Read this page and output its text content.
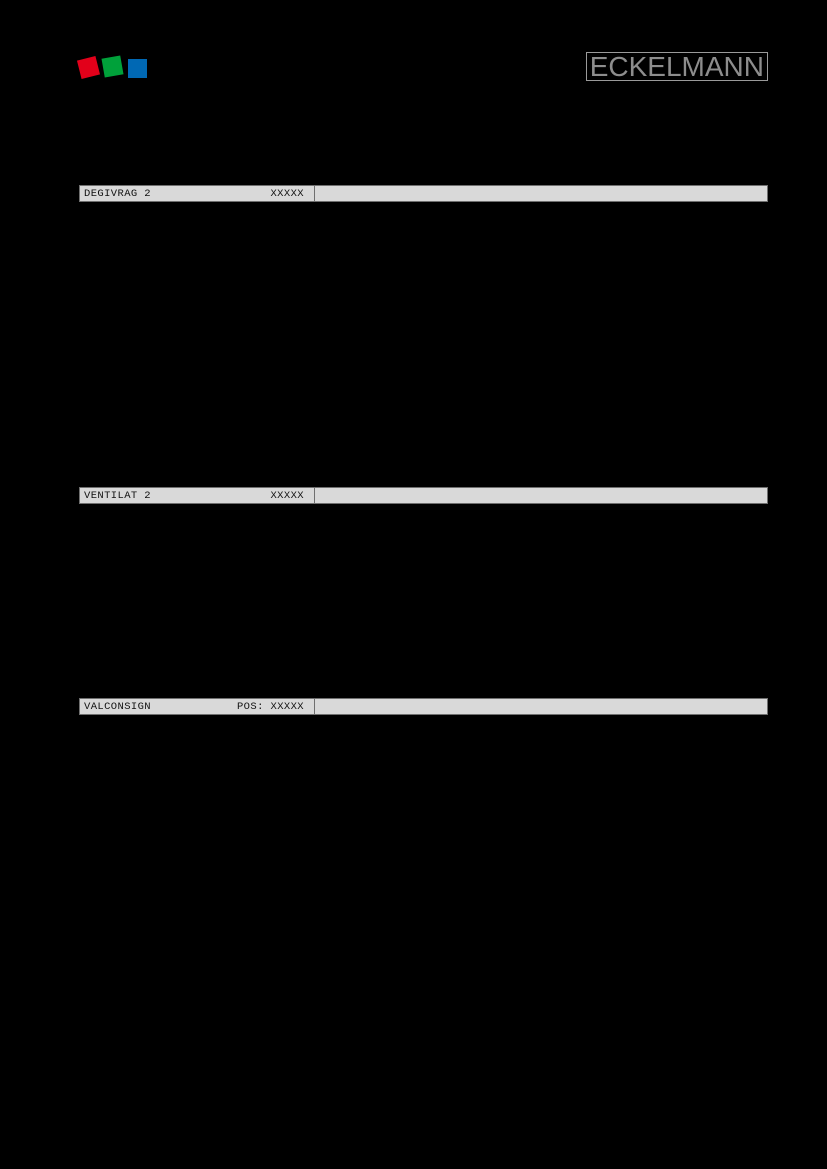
ECKELMANN
DEGIVRAG 2	XXXXX
VENTILAT 2	XXXXX
VALCONSIGN	POS: XXXXX
